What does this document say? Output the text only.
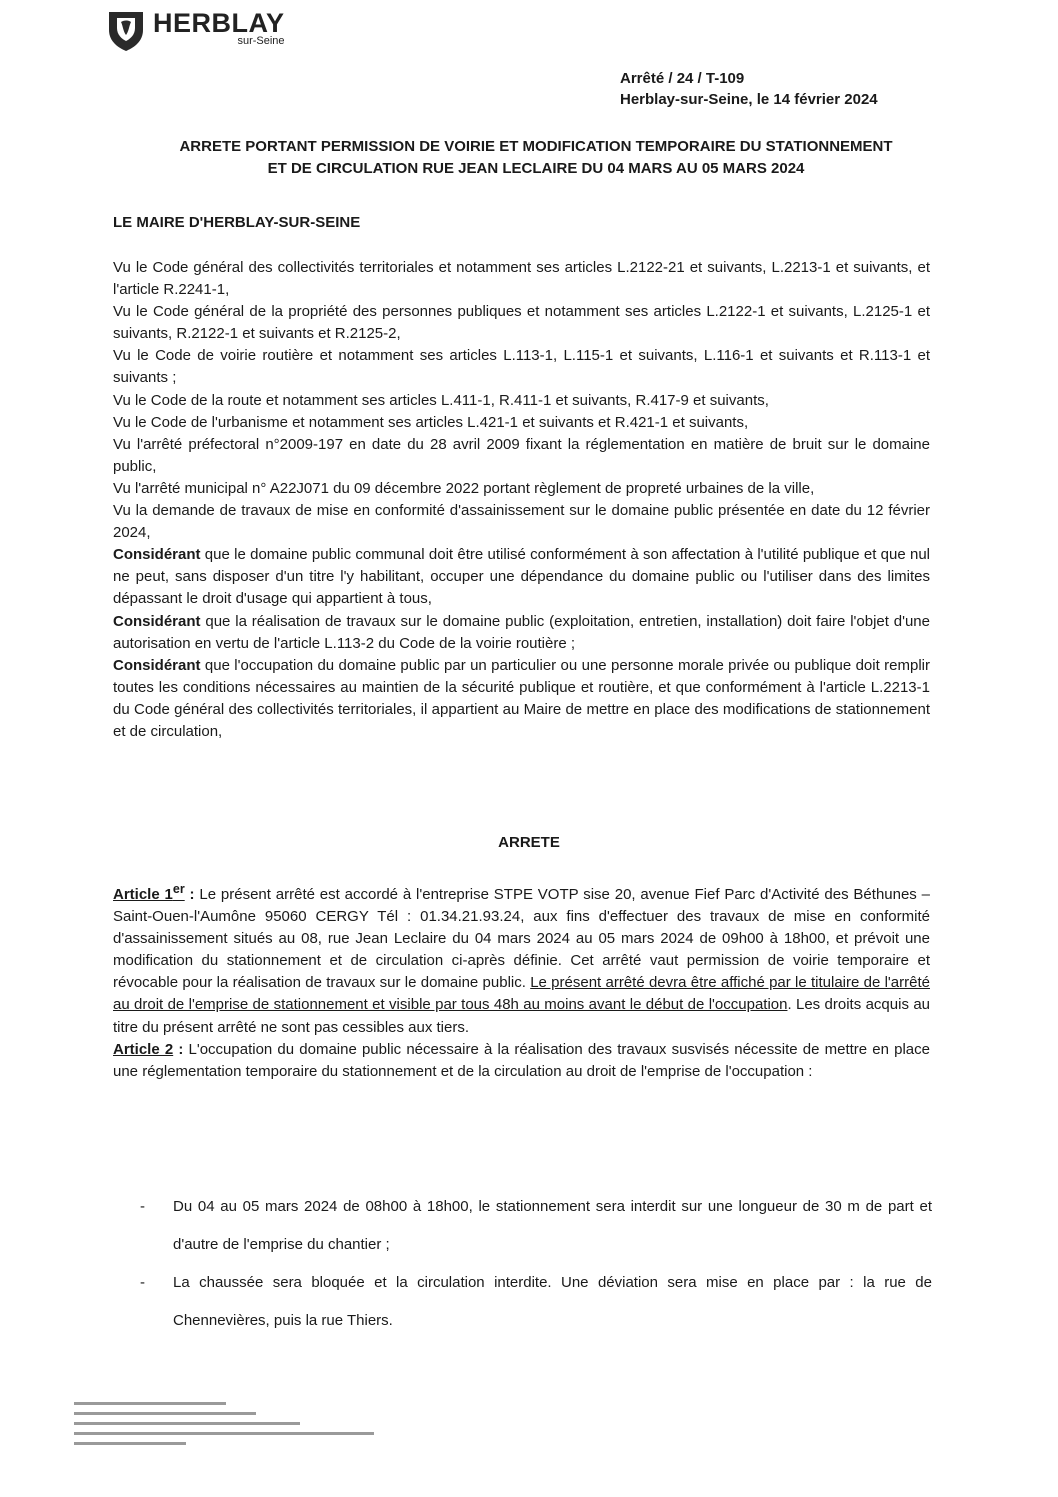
HERBLAY
sur-Seine
Arrêté / 24 / T-109
Herblay-sur-Seine, le 14 février 2024
ARRETE PORTANT PERMISSION DE VOIRIE ET MODIFICATION TEMPORAIRE DU STATIONNEMENT
ET DE CIRCULATION RUE JEAN LECLAIRE DU 04 MARS AU 05 MARS 2024
LE MAIRE D'HERBLAY-SUR-SEINE

Vu le Code général des collectivités territoriales et notamment ses articles L.2122-21 et suivants, L.2213-1 et suivants, et l'article R.2241-1,

Vu le Code général de la propriété des personnes publiques et notamment ses articles L.2122-1 et suivants, L.2125-1 et suivants, R.2122-1 et suivants et R.2125-2,

Vu le Code de voirie routière et notamment ses articles L.113-1, L.115-1 et suivants, L.116-1 et suivants et R.113-1 et suivants ;

Vu le Code de la route et notamment ses articles L.411-1, R.411-1 et suivants, R.417-9 et suivants,

Vu le Code de l'urbanisme et notamment ses articles L.421-1 et suivants et R.421-1 et suivants,

Vu l'arrêté préfectoral n°2009-197 en date du 28 avril 2009 fixant la réglementation en matière de bruit sur le domaine public,

Vu l'arrêté municipal n° A22J071 du 09 décembre 2022 portant règlement de propreté urbaines de la ville,

Vu la demande de travaux de mise en conformité d'assainissement sur le domaine public présentée en date du 12 février 2024,

Considérant que le domaine public communal doit être utilisé conformément à son affectation à l'utilité publique et que nul ne peut, sans disposer d'un titre l'y habilitant, occuper une dépendance du domaine public ou l'utiliser dans des limites dépassant le droit d'usage qui appartient à tous,

Considérant que la réalisation de travaux sur le domaine public (exploitation, entretien, installation) doit faire l'objet d'une autorisation en vertu de l'article L.113-2 du Code de la voirie routière ;

Considérant que l'occupation du domaine public par un particulier ou une personne morale privée ou publique doit remplir toutes les conditions nécessaires au maintien de la sécurité publique et routière, et que conformément à l'article L.2213-1 du Code général des collectivités territoriales, il appartient au Maire de mettre en place des modifications de stationnement et de circulation,

ARRETE

Article 1er : Le présent arrêté est accordé à l'entreprise STPE VOTP sise 20, avenue Fief Parc d'Activité des Béthunes – Saint-Ouen-l'Aumône 95060 CERGY Tél : 01.34.21.93.24, aux fins d'effectuer des travaux de mise en conformité d'assainissement situés au 08, rue Jean Leclaire du 04 mars 2024 au 05 mars 2024 de 09h00 à 18h00, et prévoit une modification du stationnement et de circulation ci-après définie. Cet arrêté vaut permission de voirie temporaire et révocable pour la réalisation de travaux sur le domaine public. Le présent arrêté devra être affiché par le titulaire de l'arrêté au droit de l'emprise de stationnement et visible par tous 48h au moins avant le début de l'occupation. Les droits acquis au titre du présent arrêté ne sont pas cessibles aux tiers.

Article 2 : L'occupation du domaine public nécessaire à la réalisation des travaux susvisés nécessite de mettre en place une réglementation temporaire du stationnement et de la circulation au droit de l'emprise de l'occupation :

-	Du 04 au 05 mars 2024 de 08h00 à 18h00, le stationnement sera interdit sur une longueur de 30 m de part et d'autre de l'emprise du chantier ;
-	La chaussée sera bloquée et la circulation interdite. Une déviation sera mise en place par : la rue de Chennevières, puis la rue Thiers.
